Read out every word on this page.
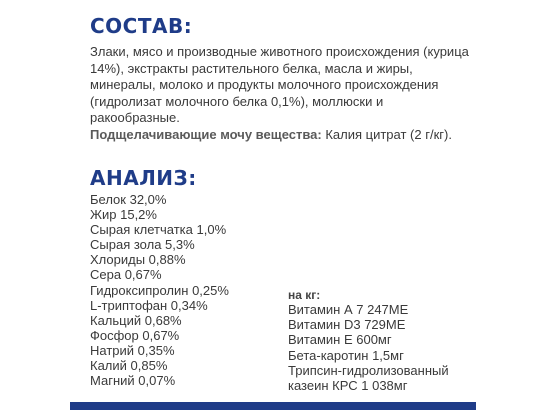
СОСТАВ:

Злаки, мясо и производные животного происхождения (курица 14%), экстракты растительного белка, масла и жиры, минералы, молоко и продукты молочного происхождения (гидролизат молочного белка 0,1%), моллюски и ракообразные.
Подщелачивающие мочу вещества: Калия цитрат (2 г/кг).

АНАЛИЗ:
Белок 32,0%
Жир 15,2%
Сырая клетчатка 1,0%
Сырая зола 5,3%
Хлориды 0,88%
Сера 0,67%
Гидроксипролин 0,25%
L-триптофан 0,34%
Кальций 0,68%
Фосфор 0,67%
Натрий 0,35%
Калий 0,85%
Магний 0,07%

на кг:

Витамин А 7 247МЕ
Витамин D3 729МЕ
Витамин Е 600мг
Бета-каротин 1,5мг
Трипсин-гидролизованный
казеин КРС 1 038мг
